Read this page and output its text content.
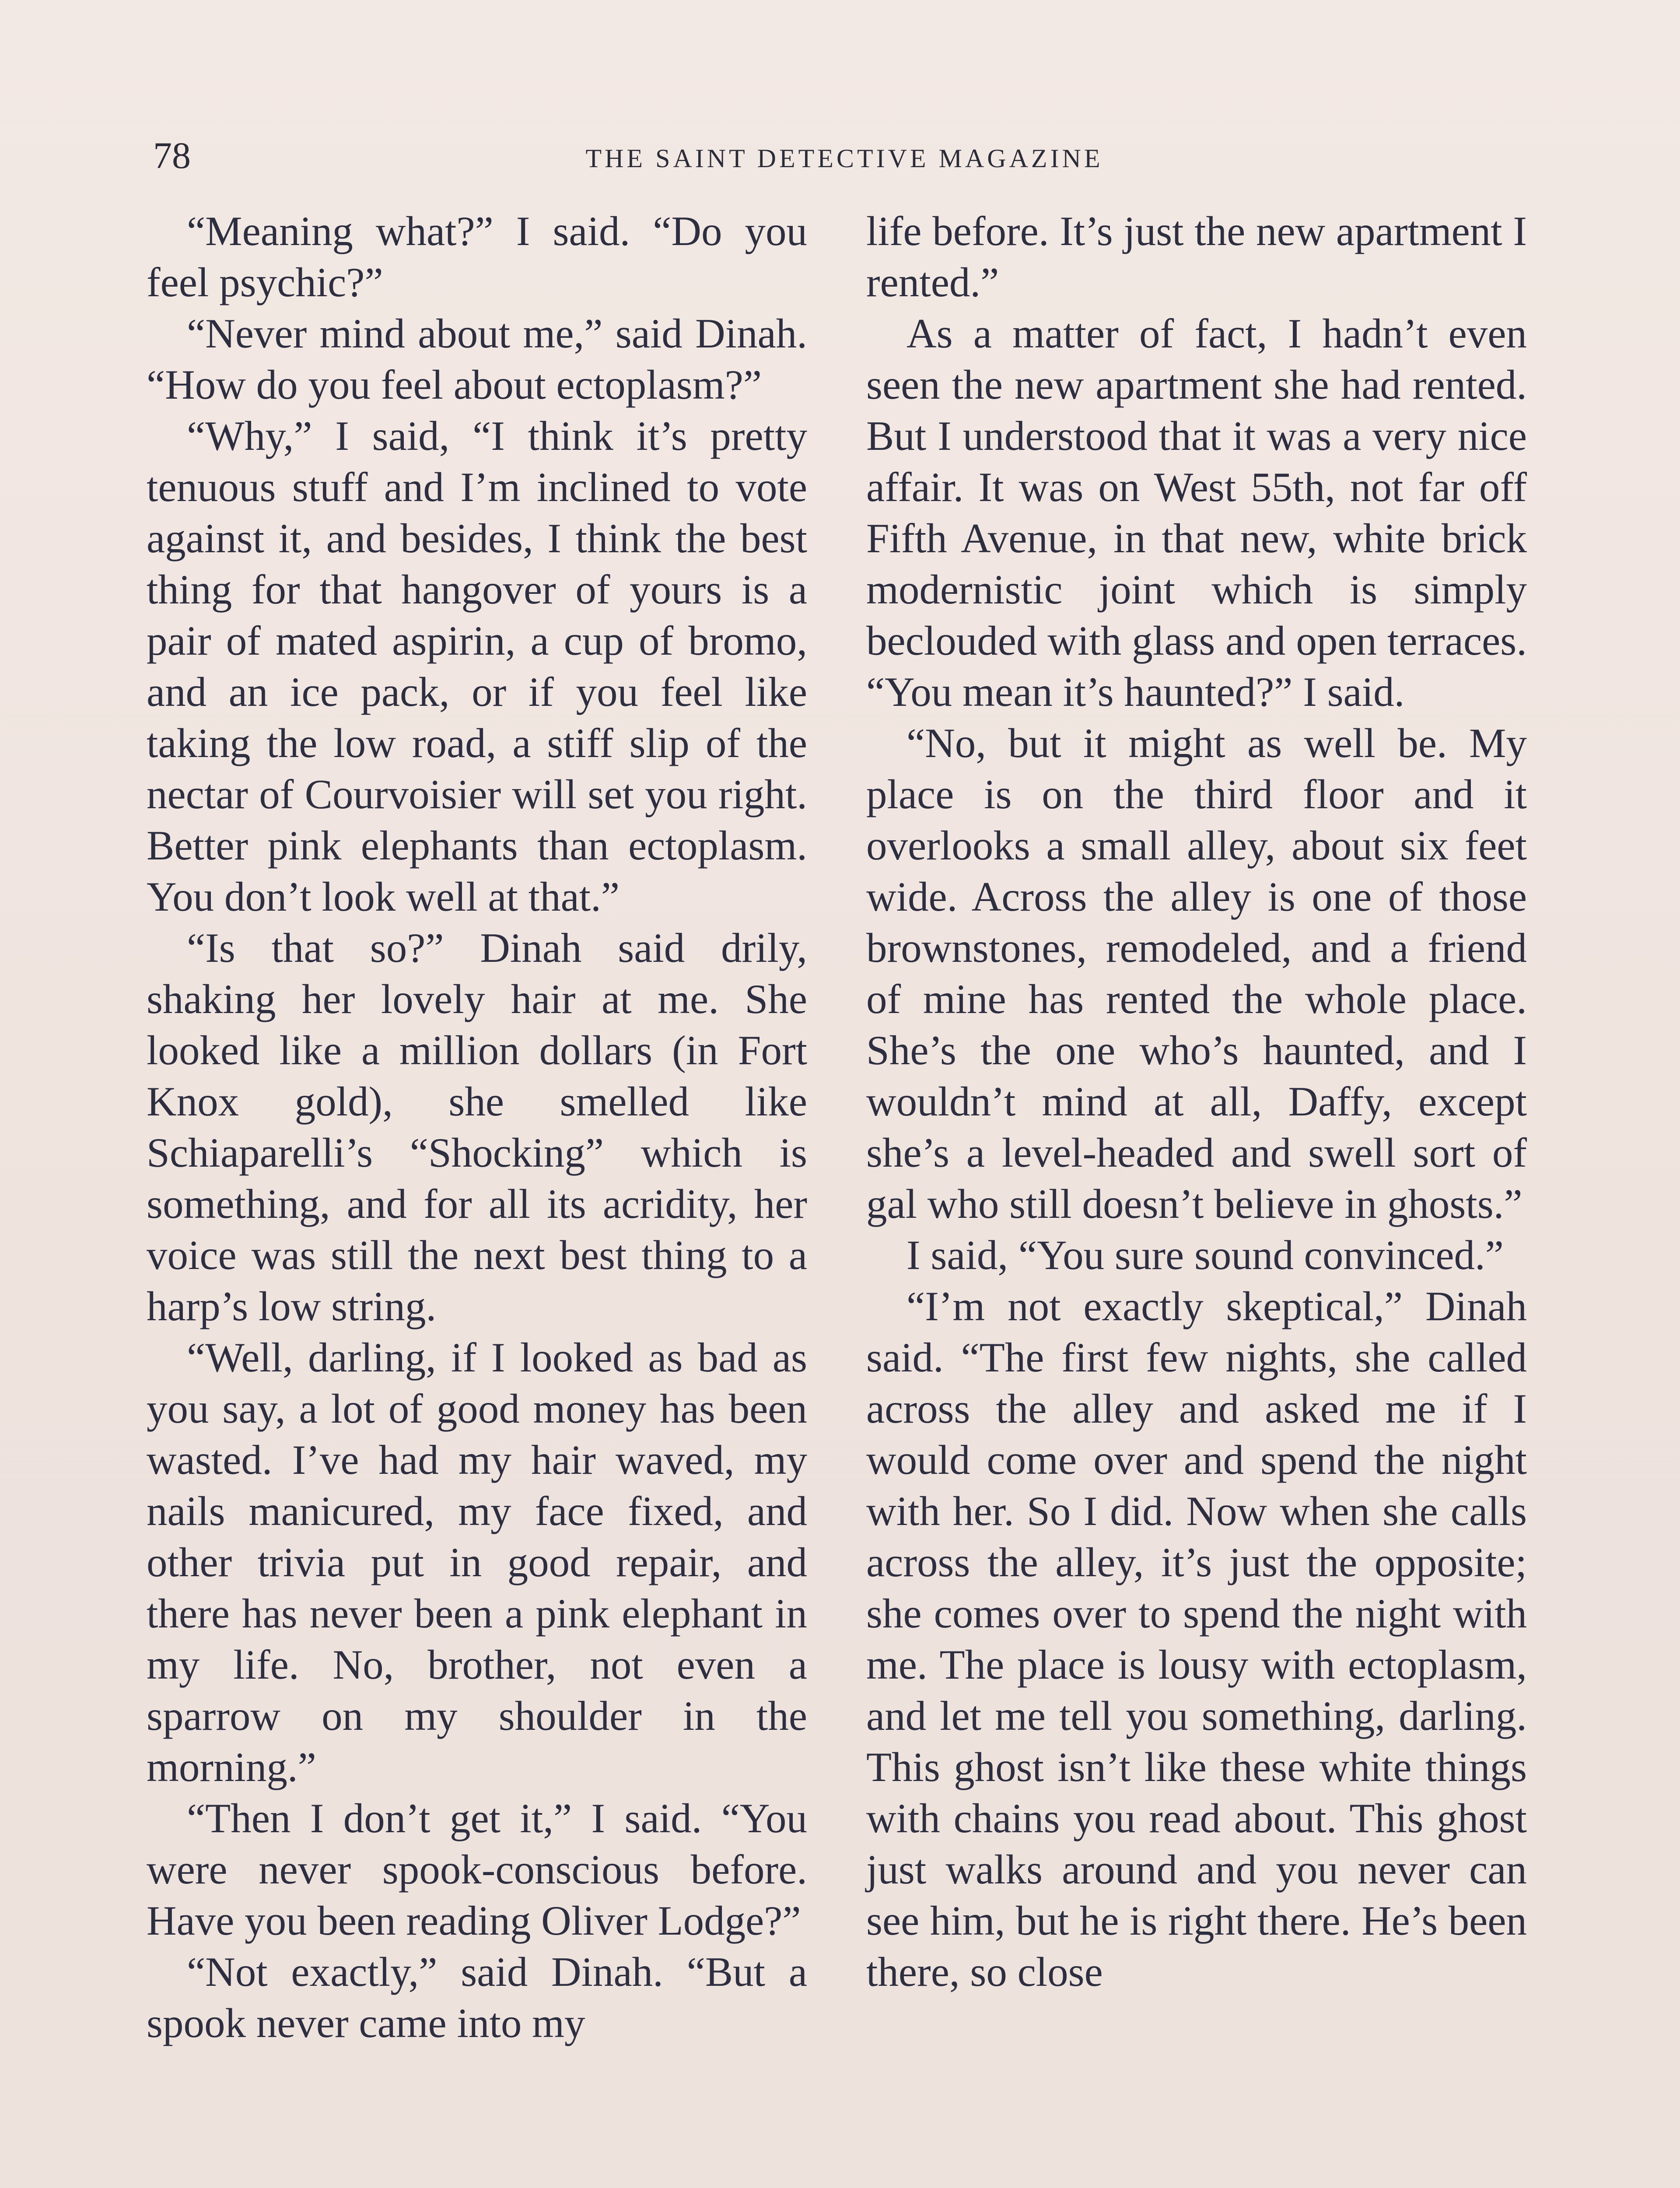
78	THE SAINT DETECTIVE MAGAZINE

“Meaning what?” I said. “Do you feel psychic?”

“Never mind about me,” said Dinah. “How do you feel about ectoplasm?”

“Why,” I said, “I think it’s pretty tenuous stuff and I’m inclined to vote against it, and besides, I think the best thing for that hangover of yours is a pair of mated aspirin, a cup of bromo, and an ice pack, or if you feel like taking the low road, a stiff slip of the nectar of Courvoisier will set you right. Better pink elephants than ectoplasm. You don’t look well at that.”

“Is that so?” Dinah said drily, shaking her lovely hair at me. She looked like a million dollars (in Fort Knox gold), she smelled like Schiaparelli’s “Shocking” which is something, and for all its acridity, her voice was still the next best thing to a harp’s low string.

“Well, darling, if I looked as bad as you say, a lot of good money has been wasted. I’ve had my hair waved, my nails manicured, my face fixed, and other trivia put in good repair, and there has never been a pink elephant in my life. No, brother, not even a sparrow on my shoulder in the morning.”

“Then I don’t get it,” I said. “You were never spook-conscious before. Have you been reading Oliver Lodge?”

“Not exactly,” said Dinah. “But a spook never came into my

life before. It’s just the new apartment I rented.”

As a matter of fact, I hadn’t even seen the new apartment she had rented. But I understood that it was a very nice affair. It was on West 55th, not far off Fifth Avenue, in that new, white brick modernistic joint which is simply beclouded with glass and open terraces. “You mean it’s haunted?” I said.

“No, but it might as well be. My place is on the third floor and it overlooks a small alley, about six feet wide. Across the alley is one of those brownstones, remodeled, and a friend of mine has rented the whole place. She’s the one who’s haunted, and I wouldn’t mind at all, Daffy, except she’s a level-headed and swell sort of gal who still doesn’t believe in ghosts.”

I said, “You sure sound convinced.”

“I’m not exactly skeptical,” Dinah said. “The first few nights, she called across the alley and asked me if I would come over and spend the night with her. So I did. Now when she calls across the alley, it’s just the opposite; she comes over to spend the night with me. The place is lousy with ectoplasm, and let me tell you something, darling. This ghost isn’t like these white things with chains you read about. This ghost just walks around and you never can see him, but he is right there. He’s been there, so close
